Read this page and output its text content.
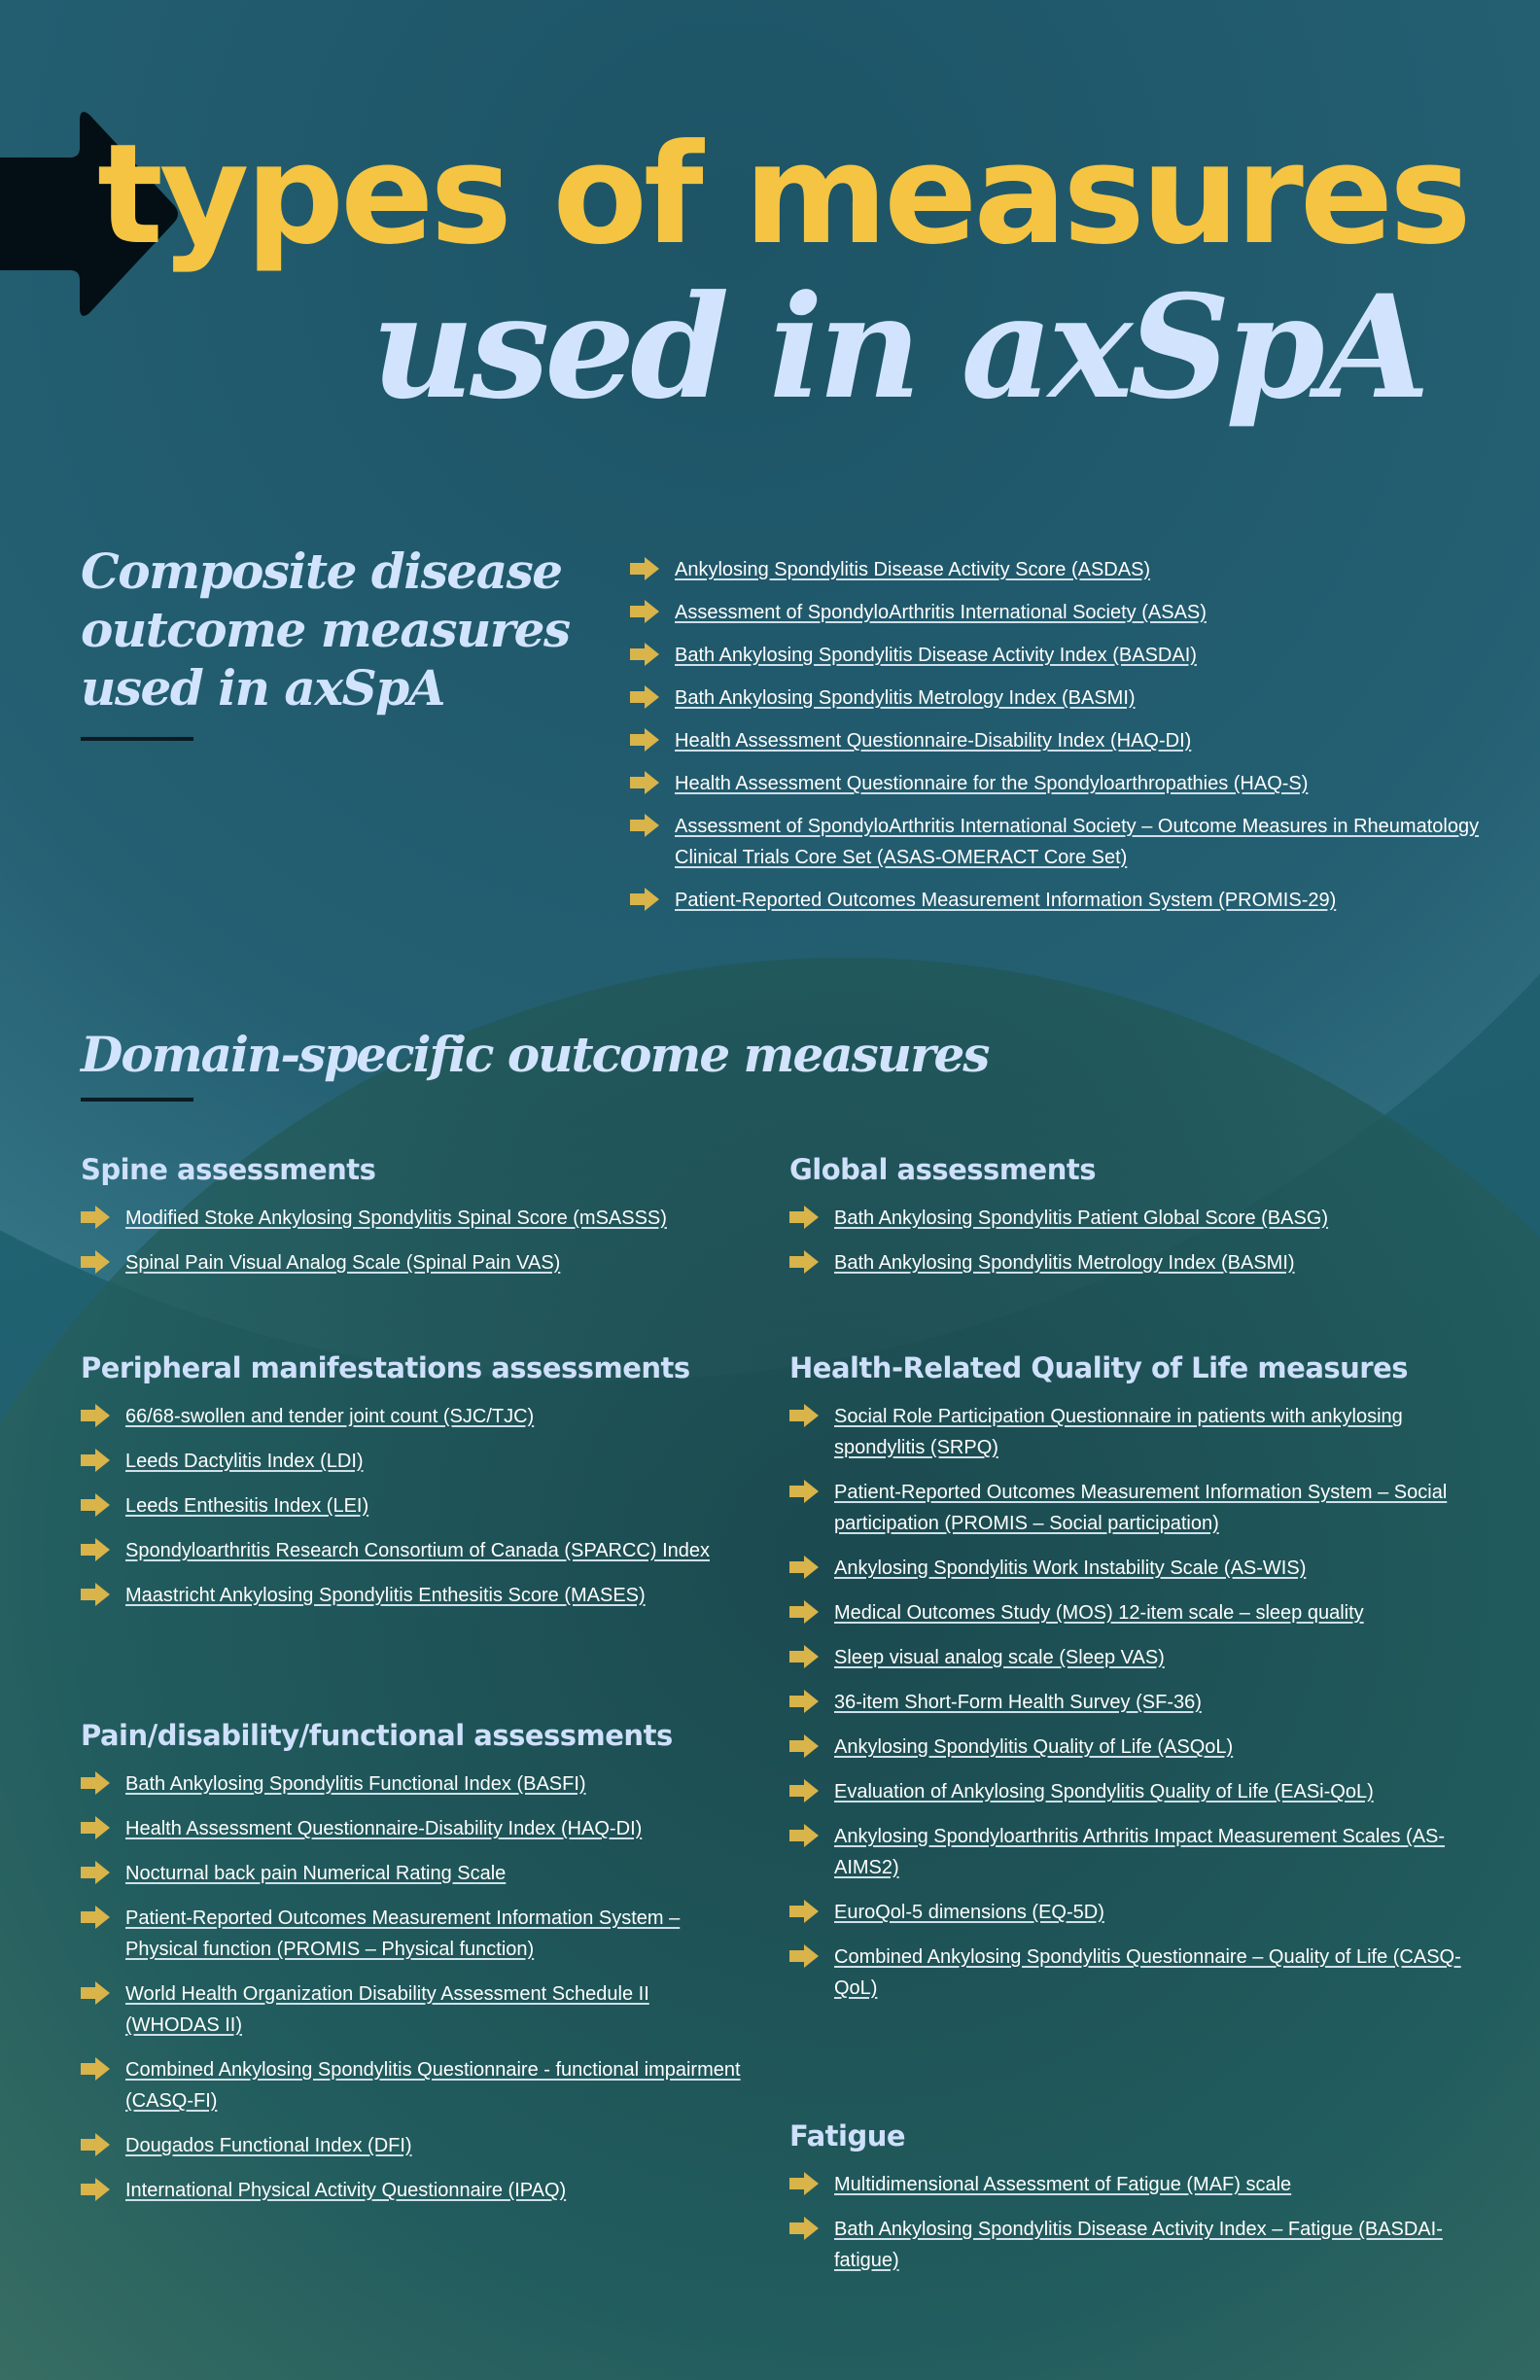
types of measures
used in axSpA
Composite disease outcome measures used in axSpA
Ankylosing Spondylitis Disease Activity Score (ASDAS)
Assessment of SpondyloArthritis International Society (ASAS)
Bath Ankylosing Spondylitis Disease Activity Index (BASDAI)
Bath Ankylosing Spondylitis Metrology Index (BASMI)
Health Assessment Questionnaire-Disability Index (HAQ-DI)
Health Assessment Questionnaire for the Spondyloarthropathies (HAQ-S)
Assessment of SpondyloArthritis International Society – Outcome Measures in Rheumatology Clinical Trials Core Set (ASAS-OMERACT Core Set)
Patient-Reported Outcomes Measurement Information System (PROMIS-29)
Domain-specific outcome measures
Spine assessments
Modified Stoke Ankylosing Spondylitis Spinal Score (mSASSS)
Spinal Pain Visual Analog Scale (Spinal Pain VAS)
Global assessments
Bath Ankylosing Spondylitis Patient Global Score (BASG)
Bath Ankylosing Spondylitis Metrology Index (BASMI)
Peripheral manifestations assessments
66/68-swollen and tender joint count (SJC/TJC)
Leeds Dactylitis Index (LDI)
Leeds Enthesitis Index (LEI)
Spondyloarthritis Research Consortium of Canada (SPARCC) Index
Maastricht Ankylosing Spondylitis Enthesitis Score (MASES)
Health-Related Quality of Life measures
Social Role Participation Questionnaire in patients with ankylosing spondylitis (SRPQ)
Patient-Reported Outcomes Measurement Information System – Social participation (PROMIS – Social participation)
Ankylosing Spondylitis Work Instability Scale (AS-WIS)
Medical Outcomes Study (MOS) 12-item scale – sleep quality
Sleep visual analog scale (Sleep VAS)
36-item Short-Form Health Survey (SF-36)
Ankylosing Spondylitis Quality of Life (ASQoL)
Evaluation of Ankylosing Spondylitis Quality of Life (EASi-QoL)
Ankylosing Spondyloarthritis Arthritis Impact Measurement Scales (AS-AIMS2)
EuroQol-5 dimensions (EQ-5D)
Combined Ankylosing Spondylitis Questionnaire – Quality of Life (CASQ-QoL)
Pain/disability/functional assessments
Bath Ankylosing Spondylitis Functional Index (BASFI)
Health Assessment Questionnaire-Disability Index (HAQ-DI)
Nocturnal back pain Numerical Rating Scale
Patient-Reported Outcomes Measurement Information System – Physical function (PROMIS – Physical function)
World Health Organization Disability Assessment Schedule II (WHODAS II)
Combined Ankylosing Spondylitis Questionnaire - functional impairment (CASQ-FI)
Dougados Functional Index (DFI)
International Physical Activity Questionnaire (IPAQ)
Fatigue
Multidimensional Assessment of Fatigue (MAF) scale
Bath Ankylosing Spondylitis Disease Activity Index – Fatigue (BASDAI-fatigue)
